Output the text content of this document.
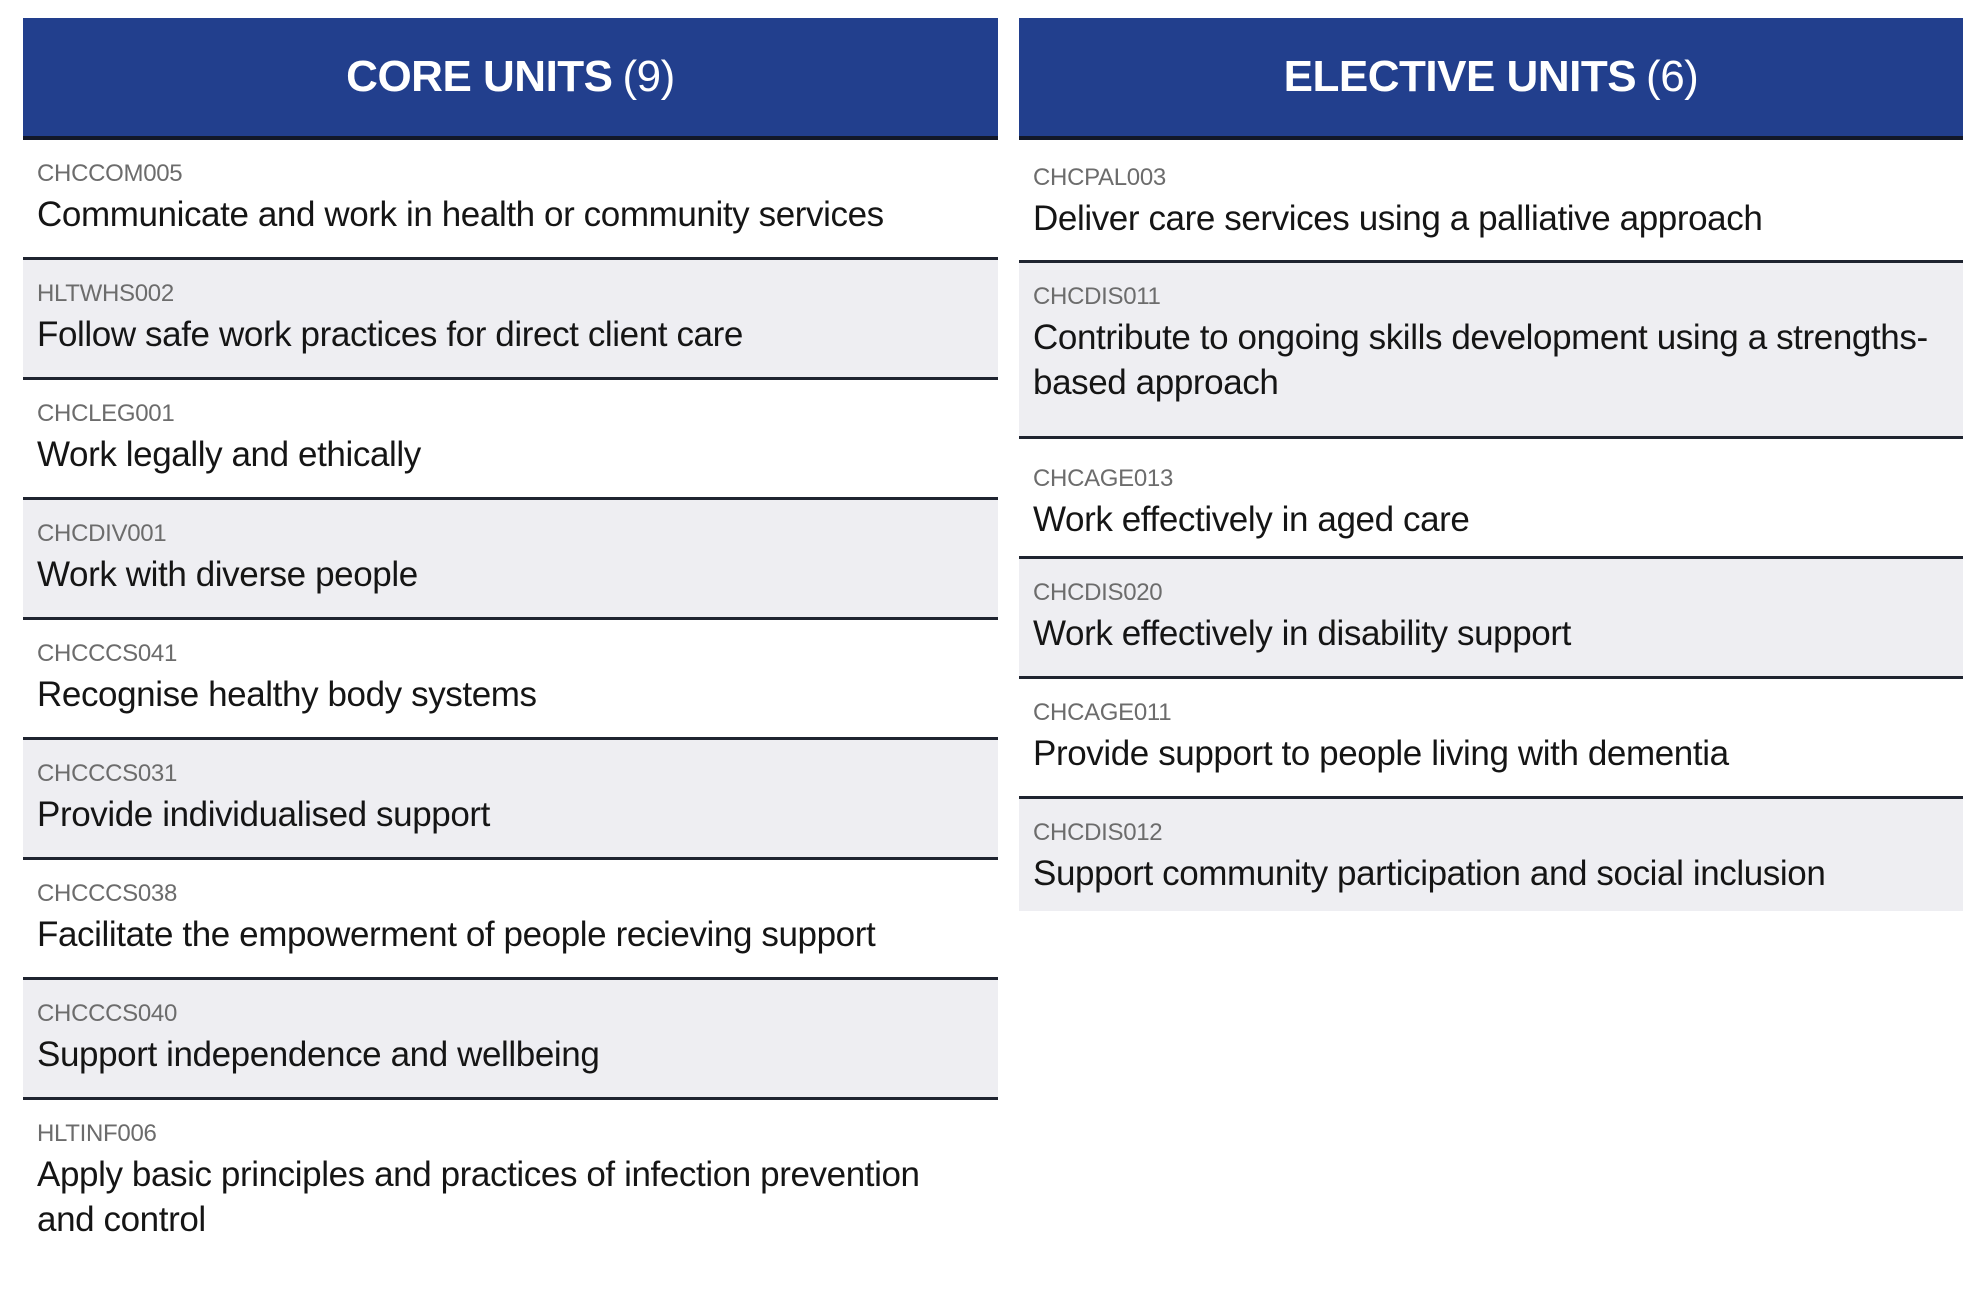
CORE UNITS (9)
CHCCOM005
Communicate and work in health or community services
HLTWHS002
Follow safe work practices for direct client care
CHCLEG001
Work legally and ethically
CHCDIV001
Work with diverse people
CHCCCS041
Recognise healthy body systems
CHCCCS031
Provide individualised support
CHCCCS038
Facilitate the empowerment of people recieving support
CHCCCS040
Support independence and wellbeing
HLTINF006
Apply basic principles and practices of infection prevention and control
ELECTIVE UNITS (6)
CHCPAL003
Deliver care services using a palliative approach
CHCDIS011
Contribute to ongoing skills development using a strengths-based approach
CHCAGE013
Work effectively in aged care
CHCDIS020
Work effectively in disability support
CHCAGE011
Provide support to people living with dementia
CHCDIS012
Support community participation and social inclusion
